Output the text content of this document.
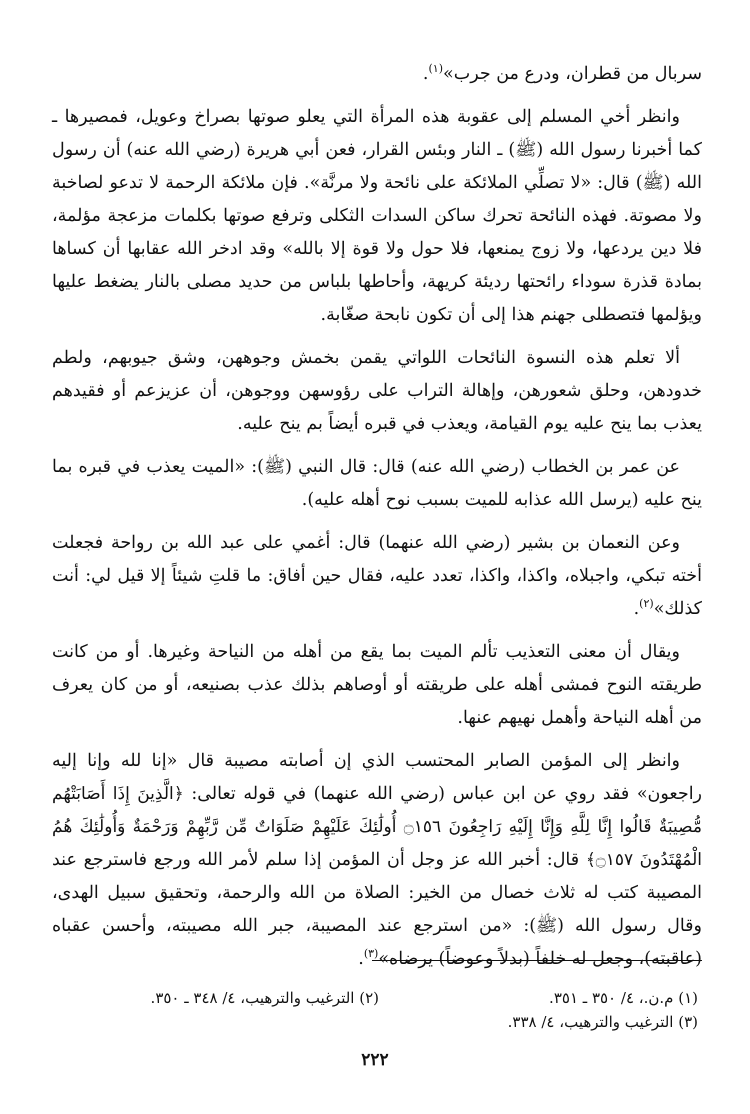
سربال من قطران، ودرع من جرب»$^{(١)}$.

وانظر أخي المسلم إلى عقوبة هذه المرأة التي يعلو صوتها بصراخ وعويل، فمصيرها ـ كما أخبرنا رسول الله (ﷺ) ـ النار وبئس القرار، فعن أبي هريرة (رضي الله عنه) أن رسول الله (ﷺ) قال: «لا تصلِّي الملائكة على نائحة ولا مرنَّة». فإن ملائكة الرحمة لا تدعو لصاخبة ولا مصوتة. فهذه النائحة تحرك ساكن السدات الثكلى وترفع صوتها بكلمات مزعجة مؤلمة، فلا دين يردعها، ولا زوج يمنعها، فلا حول ولا قوة إلا بالله» وقد ادخر الله عقابها أن كساها بمادة قذرة سوداء رائحتها رديئة كريهة، وأحاطها بلباس من حديد مصلى بالنار يضغط عليها ويؤلمها فتصطلى جهنم هذا إلى أن تكون نابحة صغّابة.

ألا تعلم هذه النسوة النائحات اللواتي يقمن بخمش وجوههن، وشق جيوبهم، ولطم خدودهن، وحلق شعورهن، وإهالة التراب على رؤوسهن ووجوهن، أن عزيزعم أو فقيدهم يعذب بما ينح عليه يوم القيامة، ويعذب في قبره أيضاً بم ينح عليه.

عن عمر بن الخطاب (رضي الله عنه) قال: قال النبي (ﷺ): «الميت يعذب في قبره بما ينح عليه (يرسل الله عذابه للميت بسبب نوح أهله عليه).

وعن النعمان بن بشير (رضي الله عنهما) قال: أغمي على عبد الله بن رواحة فجعلت أخته تبكي، واجبلاه، واكذا، واكذا، تعدد عليه، فقال حين أفاق: ما قلتِ شيئاً إلا قيل لي: أنت كذلك»$^{(٢)}$.

ويقال أن معنى التعذيب تألم الميت بما يقع من أهله من النياحة وغيرها. أو من كانت طريقته النوح فمشى أهله على طريقته أو أوصاهم بذلك عذب بصنيعه، أو من كان يعرف من أهله النياحة وأهمل نهيهم عنها.

وانظر إلى المؤمن الصابر المحتسب الذي إن أصابته مصيبة قال «إنا لله وإنا إليه راجعون» فقد روي عن ابن عباس (رضي الله عنهما) في قوله تعالى: ﴿الَّذِينَ إِذَا أَصَابَتْهُم مُّصِيبَةٌ قَالُوا إِنَّا لِلَّهِ وَإِنَّا إِلَيْهِ رَاجِعُونَ ۝١٥٦ أُولَٰئِكَ عَلَيْهِمْ صَلَوَاتٌ مِّن رَّبِّهِمْ وَرَحْمَةٌ وَأُولَٰئِكَ هُمُ الْمُهْتَدُونَ ۝١٥٧﴾ قال: أخبر الله عز وجل أن المؤمن إذا سلم لأمر الله ورجع فاسترجع عند المصيبة كتب له ثلاث خصال من الخير: الصلاة من الله والرحمة، وتحقيق سبيل الهدى، وقال رسول الله (ﷺ): «من استرجع عند المصيبة، جبر الله مصيبته، وأحسن عقباه (عاقبته)، وجعل له خلفاً (بدلاً وعوضاً) يرضاه»$^{(٣)}$.

(١) م.ن.، ٤/ ٣٥٠ ـ ٣٥١.
(٢) الترغيب والترهيب، ٤/ ٣٤٨ ـ ٣٥٠.
(٣) الترغيب والترهيب، ٤/ ٣٣٨.
٢٢٢
